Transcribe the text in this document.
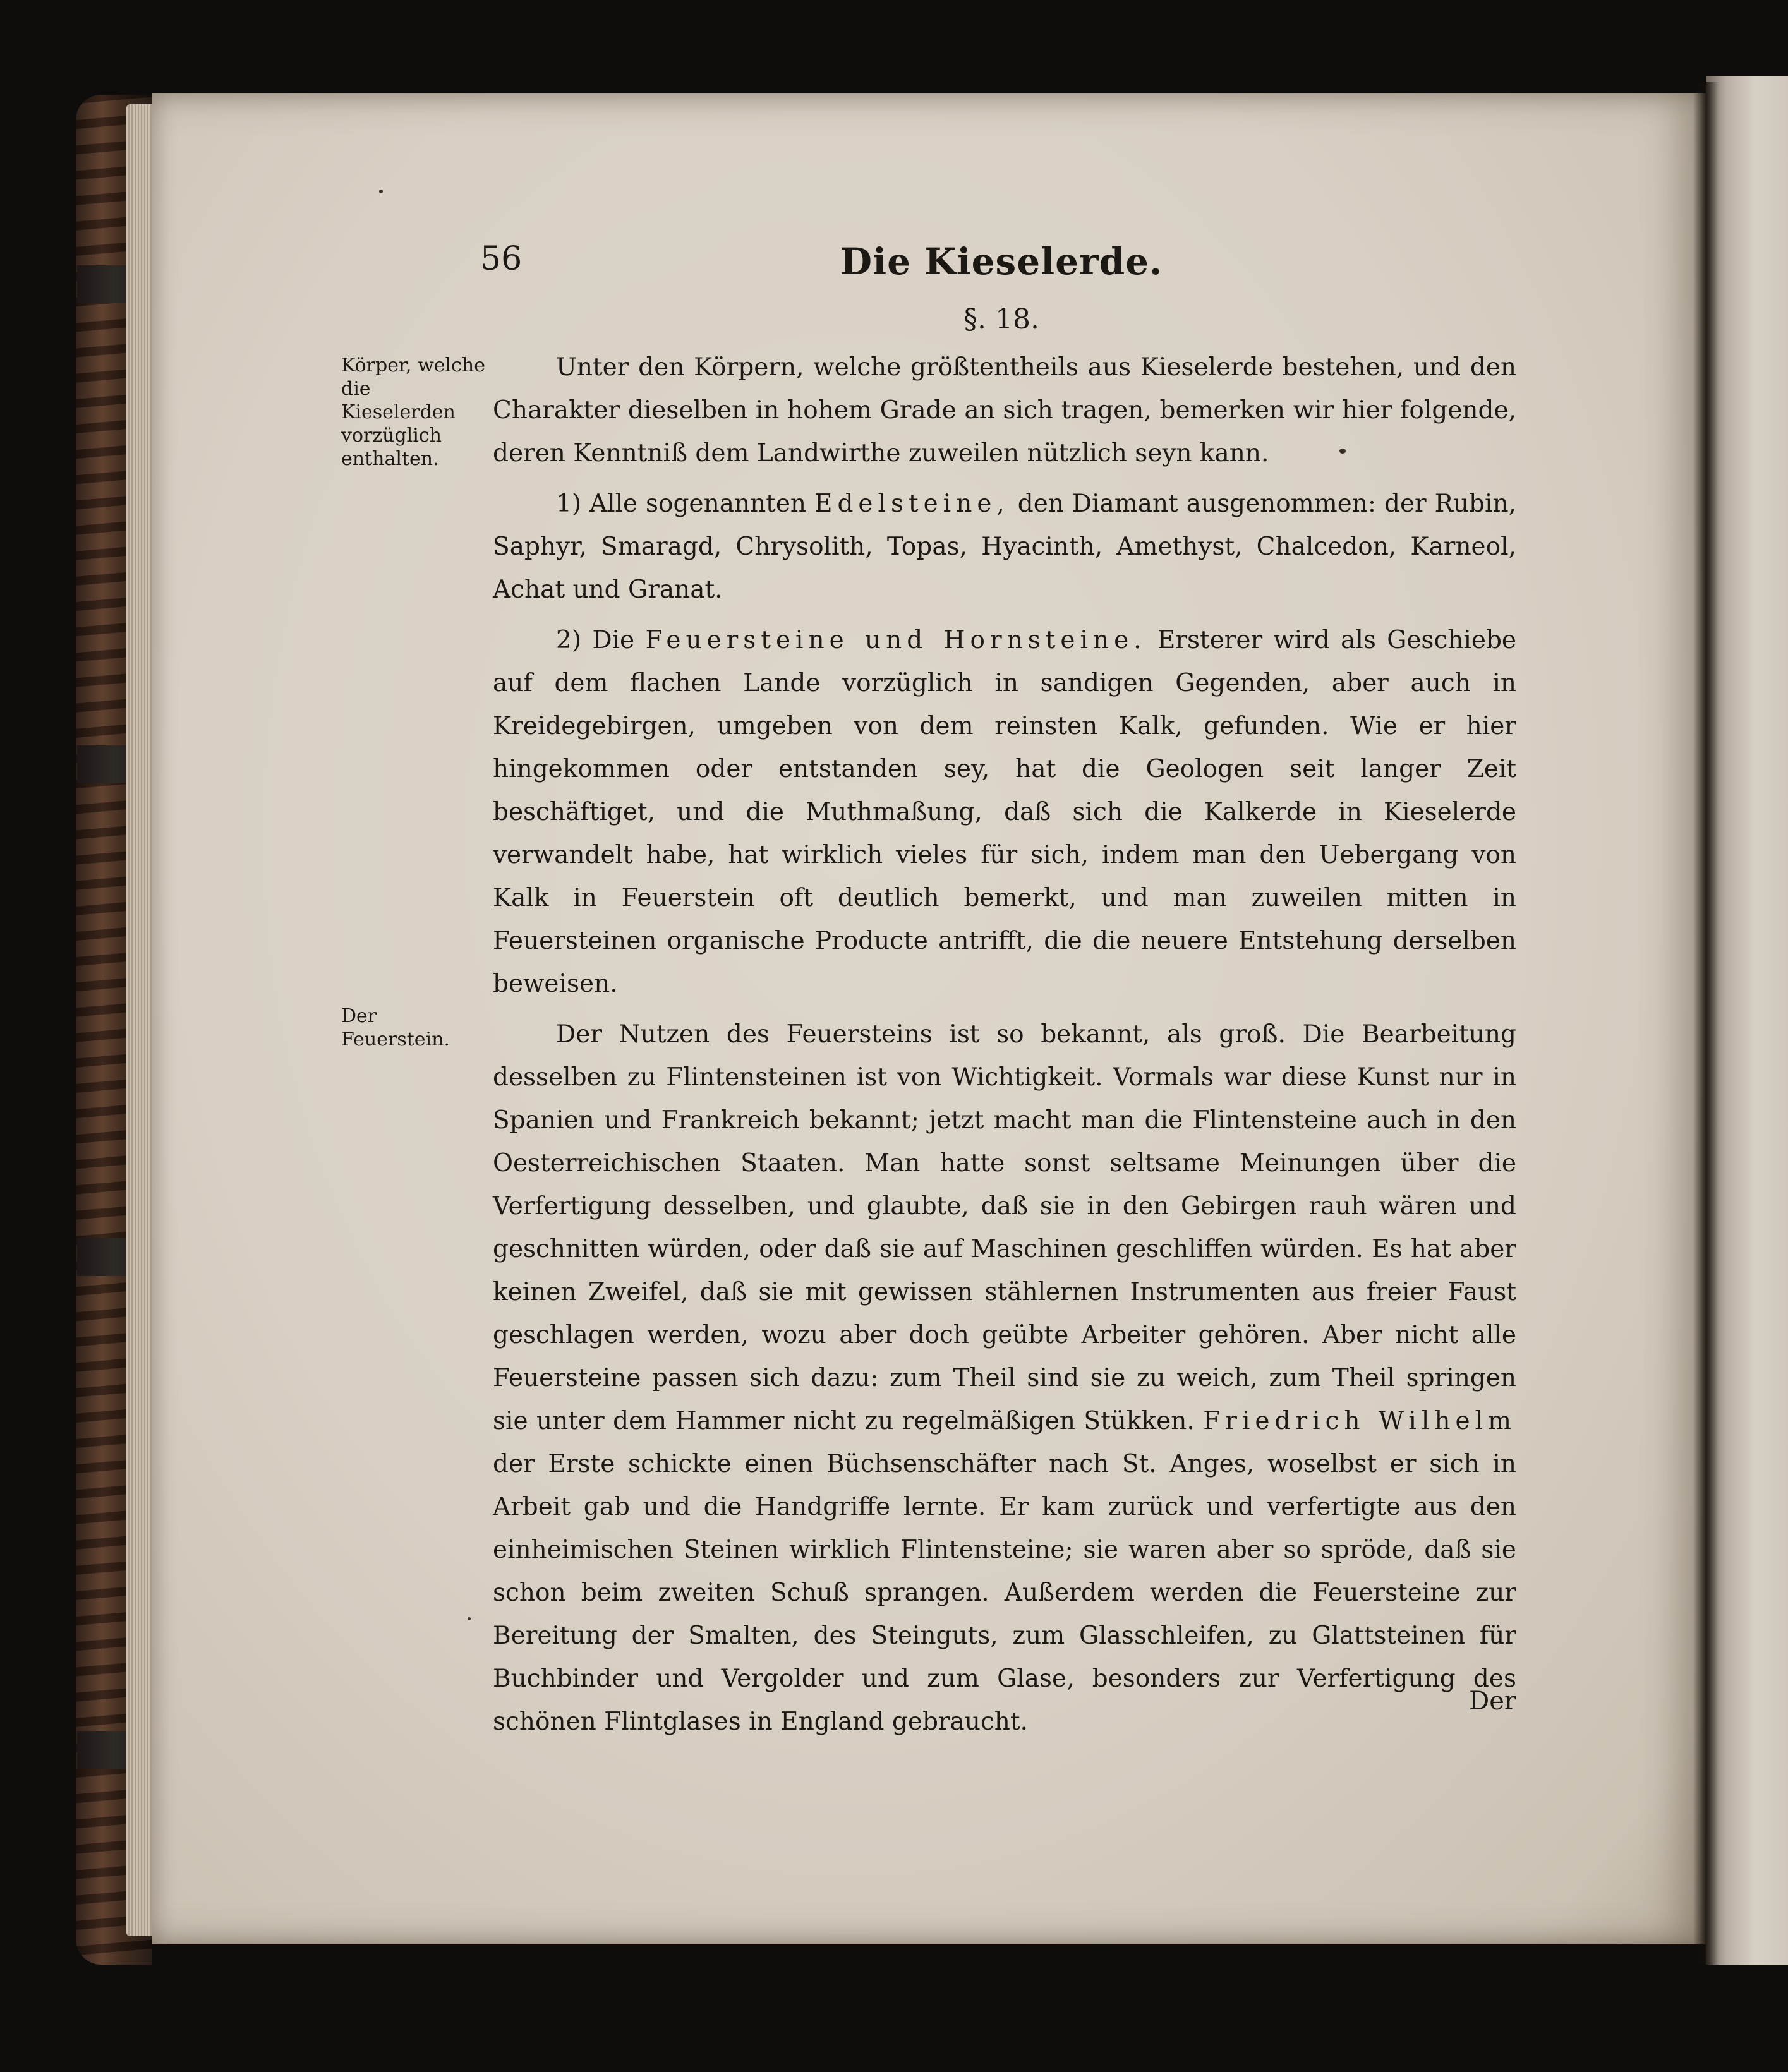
56	Die Kieselerde.
§. 18.
Körper, welche die Kieselerden vorzüglich enthalten.
Der Feuerstein.

Unter den Körpern, welche größtentheils aus Kieselerde bestehen, und den Charakter dieselben in hohem Grade an sich tragen, bemerken wir hier folgende, deren Kenntniß dem Landwirthe zuweilen nützlich seyn kann.

1) Alle sogenannten Edelsteine, den Diamant ausgenommen: der Rubin, Saphyr, Smaragd, Chrysolith, Topas, Hyacinth, Amethyst, Chalcedon, Karneol, Achat und Granat.

2) Die Feuersteine und Hornsteine. Ersterer wird als Geschiebe auf dem flachen Lande vorzüglich in sandigen Gegenden, aber auch in Kreidegebirgen, umgeben von dem reinsten Kalk, gefunden. Wie er hier hingekommen oder entstanden sey, hat die Geologen seit langer Zeit beschäftiget, und die Muthmaßung, daß sich die Kalkerde in Kieselerde verwandelt habe, hat wirklich vieles für sich, indem man den Uebergang von Kalk in Feuerstein oft deutlich bemerkt, und man zuweilen mitten in Feuersteinen organische Producte antrifft, die die neuere Entstehung derselben beweisen.

Der Nutzen des Feuersteins ist so bekannt, als groß. Die Bearbeitung desselben zu Flintensteinen ist von Wichtigkeit. Vormals war diese Kunst nur in Spanien und Frankreich bekannt; jetzt macht man die Flintensteine auch in den Oesterreichischen Staaten. Man hatte sonst seltsame Meinungen über die Verfertigung desselben, und glaubte, daß sie in den Gebirgen rauh wären und geschnitten würden, oder daß sie auf Maschinen geschliffen würden. Es hat aber keinen Zweifel, daß sie mit gewissen stählernen Instrumenten aus freier Faust geschlagen werden, wozu aber doch geübte Arbeiter gehören. Aber nicht alle Feuersteine passen sich dazu: zum Theil sind sie zu weich, zum Theil springen sie unter dem Hammer nicht zu regelmäßigen Stükken. Friedrich Wilhelm der Erste schickte einen Büchsenschäfter nach St. Anges, woselbst er sich in Arbeit gab und die Handgriffe lernte. Er kam zurück und verfertigte aus den einheimischen Steinen wirklich Flintensteine; sie waren aber so spröde, daß sie schon beim zweiten Schuß sprangen. Außerdem werden die Feuersteine zur Bereitung der Smalten, des Steinguts, zum Glasschleifen, zu Glattsteinen für Buchbinder und Vergolder und zum Glase, besonders zur Verfertigung des schönen Flintglases in England gebraucht.

Der
